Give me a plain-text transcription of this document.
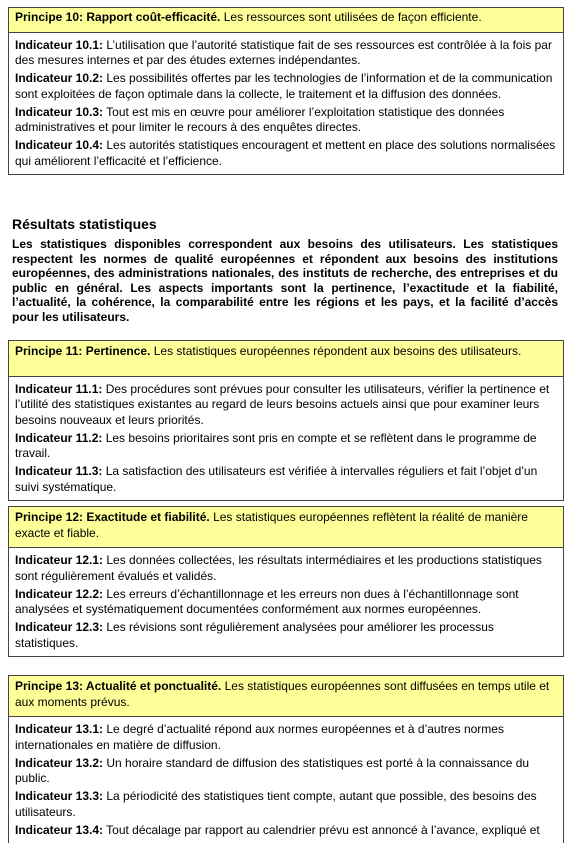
Principe 10: Rapport coût-efficacité. Les ressources sont utilisées de façon efficiente.

Indicateur 10.1: L’utilisation que l’autorité statistique fait de ses ressources est contrôlée à la fois par des mesures internes et par des études externes indépendantes.

Indicateur 10.2: Les possibilités offertes par les technologies de l’information et de la communication sont exploitées de façon optimale dans la collecte, le traitement et la diffusion des données.

Indicateur 10.3: Tout est mis en œuvre pour améliorer l’exploitation statistique des données administratives et pour limiter le recours à des enquêtes directes.

Indicateur 10.4: Les autorités statistiques encouragent et mettent en place des solutions normalisées qui améliorent l’efficacité et l’efficience.

Résultats statistiques

Les statistiques disponibles correspondent aux besoins des utilisateurs. Les statistiques respectent les normes de qualité européennes et répondent aux besoins des institutions européennes, des administrations nationales, des instituts de recherche, des entreprises et du public en général. Les aspects importants sont la pertinence, l’exactitude et la fiabilité, l’actualité, la cohérence, la comparabilité entre les régions et les pays, et la facilité d’accès pour les utilisateurs.

Principe 11: Pertinence. Les statistiques européennes répondent aux besoins des utilisateurs.

Indicateur 11.1: Des procédures sont prévues pour consulter les utilisateurs, vérifier la pertinence et l’utilité des statistiques existantes au regard de leurs besoins actuels ainsi que pour examiner leurs besoins nouveaux et leurs priorités.

Indicateur 11.2: Les besoins prioritaires sont pris en compte et se reflètent dans le programme de travail.

Indicateur 11.3: La satisfaction des utilisateurs est vérifiée à intervalles réguliers et fait l’objet d’un suivi systématique.

Principe 12: Exactitude et fiabilité. Les statistiques européennes reflètent la réalité de manière exacte et fiable.

Indicateur 12.1: Les données collectées, les résultats intermédiaires et les productions statistiques sont régulièrement évalués et validés.

Indicateur 12.2: Les erreurs d’échantillonnage et les erreurs non dues à l’échantillonnage sont analysées et systématiquement documentées conformément aux normes européennes.

Indicateur 12.3: Les révisions sont régulièrement analysées pour améliorer les processus statistiques.

Principe 13: Actualité et ponctualité. Les statistiques européennes sont diffusées en temps utile et aux moments prévus.

Indicateur 13.1: Le degré d’actualité répond aux normes européennes et à d’autres normes internationales en matière de diffusion.

Indicateur 13.2: Un horaire standard de diffusion des statistiques est porté à la connaissance du public.

Indicateur 13.3: La périodicité des statistiques tient compte, autant que possible, des besoins des utilisateurs.

Indicateur 13.4: Tout décalage par rapport au calendrier prévu est annoncé à l’avance, expliqué et
